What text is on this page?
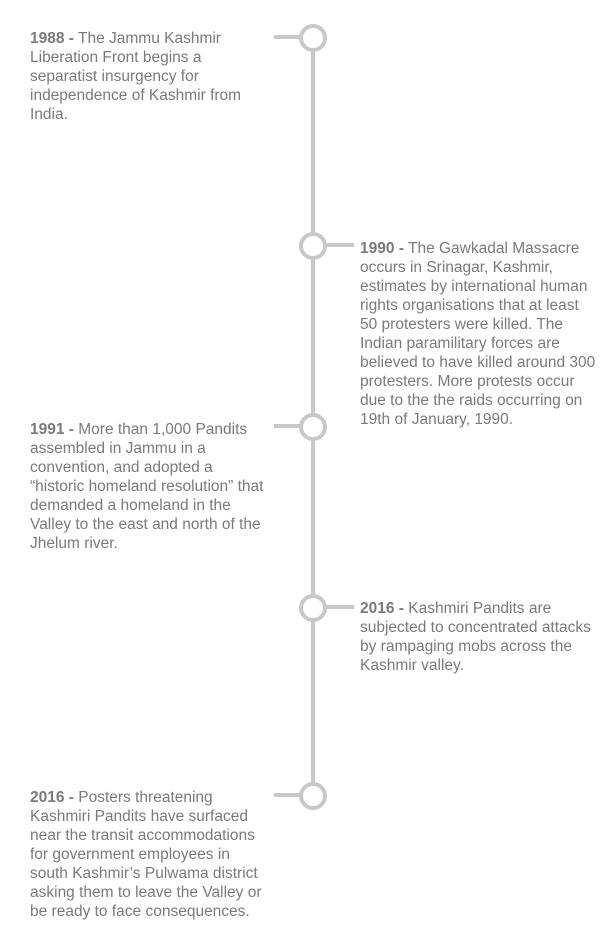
1988 - The Jammu Kashmir Liberation Front begins a separatist insurgency for independence of Kashmir from India.

1990 - The Gawkadal Massacre occurs in Srinagar, Kashmir, estimates by international human rights organisations that at least 50 protesters were killed. The Indian paramilitary forces are believed to have killed around 300 protesters. More protests occur due to the the raids occurring on 19th of January, 1990.

1991 - More than 1,000 Pandits assembled in Jammu in a convention, and adopted a “historic homeland resolution” that demanded a homeland in the Valley to the east and north of the Jhelum river.

2016 - Kashmiri Pandits are subjected to concentrated attacks by rampaging mobs across the Kashmir valley.

2016 - Posters threatening Kashmiri Pandits have surfaced near the transit accommodations for government employees in south Kashmir’s Pulwama district asking them to leave the Valley or be ready to face consequences.
